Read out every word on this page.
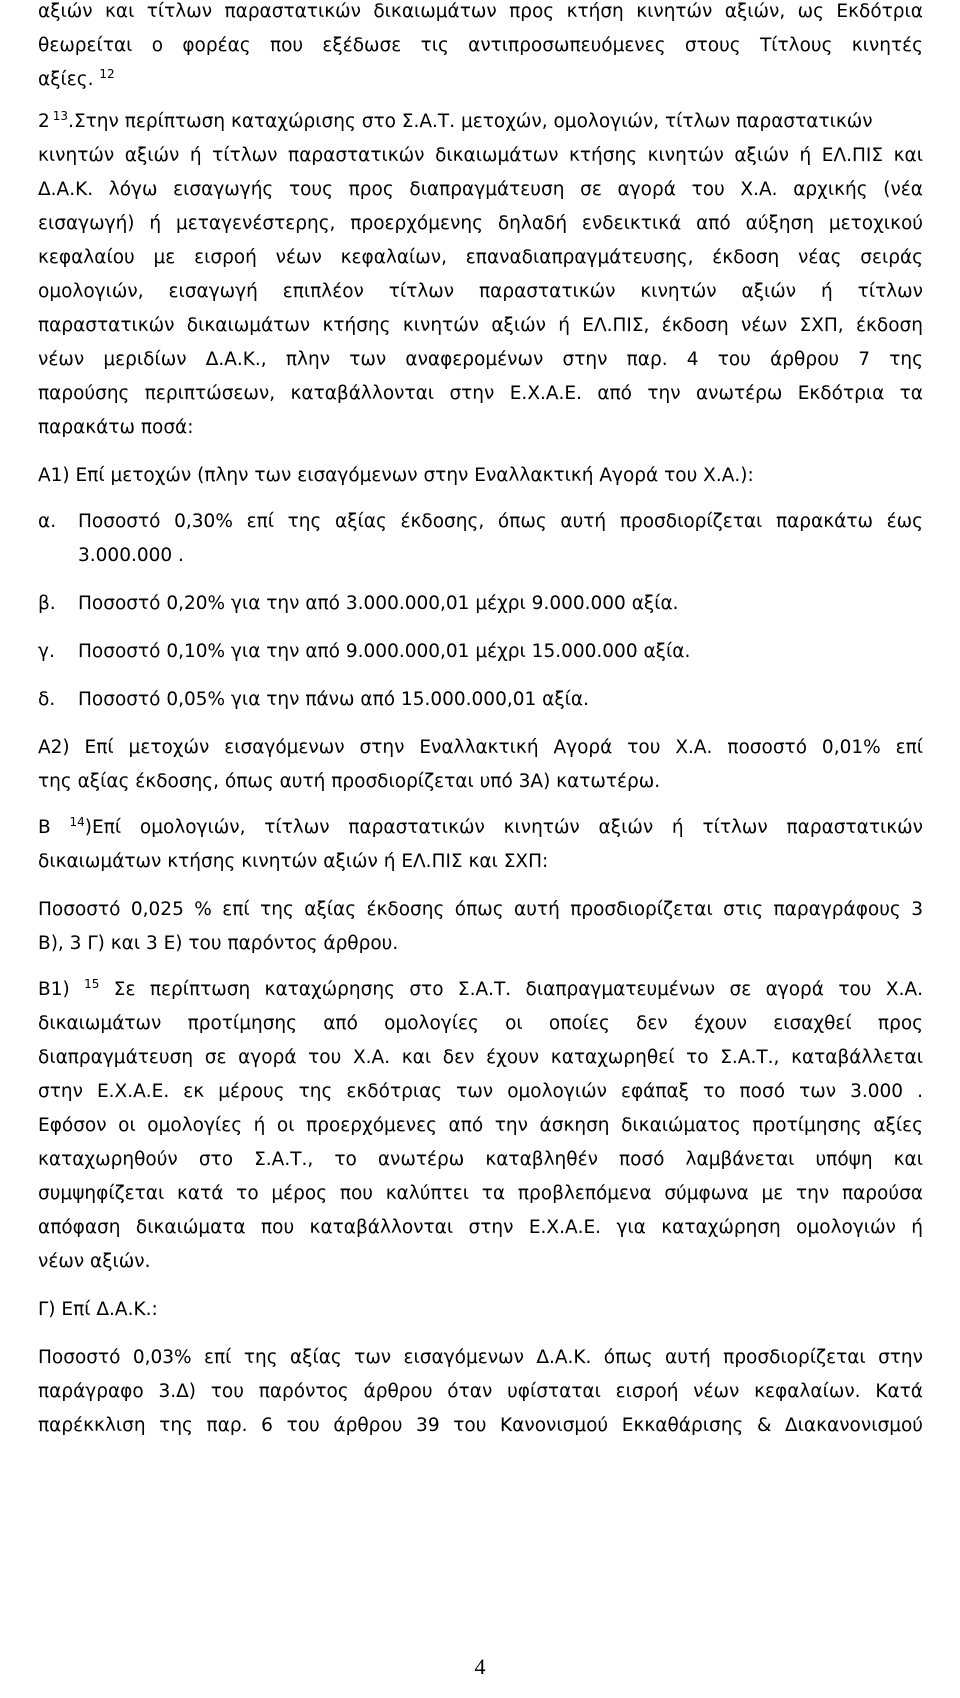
αξιών και τίτλων παραστατικών δικαιωμάτων προς κτήση κινητών αξιών, ως Εκδότρια
θεωρείται ο φορέας που εξέδωσε τις αντιπροσωπευόμενες στους Τίτλους κινητές
αξίες. $^{12}$
2 $^{13}$.Στην περίπτωση καταχώρισης στο Σ.Α.Τ. μετοχών, ομολογιών, τίτλων παραστατικών
κινητών αξιών ή τίτλων παραστατικών δικαιωμάτων κτήσης κινητών αξιών ή ΕΛ.ΠΙΣ και
Δ.Α.Κ. λόγω εισαγωγής τους προς διαπραγμάτευση σε αγορά του Χ.Α. αρχικής (νέα
εισαγωγή) ή μεταγενέστερης, προερχόμενης δηλαδή ενδεικτικά από αύξηση μετοχικού
κεφαλαίου με εισροή νέων κεφαλαίων, επαναδιαπραγμάτευσης, έκδοση νέας σειράς
ομολογιών, εισαγωγή επιπλέον τίτλων παραστατικών κινητών αξιών ή τίτλων
παραστατικών δικαιωμάτων κτήσης κινητών αξιών ή ΕΛ.ΠΙΣ, έκδοση νέων ΣΧΠ, έκδοση
νέων μεριδίων Δ.Α.Κ., πλην των αναφερομένων στην παρ. 4 του άρθρου 7 της
παρούσης περιπτώσεων, καταβάλλονται στην Ε.Χ.Α.Ε. από την ανωτέρω Εκδότρια τα
παρακάτω ποσά:
Α1) Επί μετοχών (πλην των εισαγόμενων στην Εναλλακτική Αγορά του Χ.Α.):
α. Ποσοστό 0,30% επί της αξίας έκδοσης, όπως αυτή προσδιορίζεται παρακάτω έως
3.000.000 .
β. Ποσοστό 0,20% για την από 3.000.000,01 μέχρι 9.000.000 αξία.
γ. Ποσοστό 0,10% για την από 9.000.000,01 μέχρι 15.000.000 αξία.
δ. Ποσοστό 0,05% για την πάνω από 15.000.000,01 αξία.
Α2) Επί μετοχών εισαγόμενων στην Εναλλακτική Αγορά του Χ.Α. ποσοστό 0,01% επί
της αξίας έκδοσης, όπως αυτή προσδιορίζεται υπό 3Α) κατωτέρω.
Β $^{14}$)Επί ομολογιών, τίτλων παραστατικών κινητών αξιών ή τίτλων παραστατικών
δικαιωμάτων κτήσης κινητών αξιών ή ΕΛ.ΠΙΣ και ΣΧΠ:
Ποσοστό 0,025 % επί της αξίας έκδοσης όπως αυτή προσδιορίζεται στις παραγράφους 3
Β), 3 Γ) και 3 Ε) του παρόντος άρθρου.
Β1) $^{15}$ Σε περίπτωση καταχώρησης στο Σ.Α.Τ. διαπραγματευμένων σε αγορά του Χ.Α.
δικαιωμάτων προτίμησης από ομολογίες οι οποίες δεν έχουν εισαχθεί προς
διαπραγμάτευση σε αγορά του Χ.Α. και δεν έχουν καταχωρηθεί το Σ.Α.Τ., καταβάλλεται
στην Ε.Χ.Α.Ε. εκ μέρους της εκδότριας των ομολογιών εφάπαξ το ποσό των 3.000 .
Εφόσον οι ομολογίες ή οι προερχόμενες από την άσκηση δικαιώματος προτίμησης αξίες
καταχωρηθούν στο Σ.Α.Τ., το ανωτέρω καταβληθέν ποσό λαμβάνεται υπόψη και
συμψηφίζεται κατά το μέρος που καλύπτει τα προβλεπόμενα σύμφωνα με την παρούσα
απόφαση δικαιώματα που καταβάλλονται στην Ε.Χ.Α.Ε. για καταχώρηση ομολογιών ή
νέων αξιών.
Γ) Επί Δ.Α.Κ.:
Ποσοστό 0,03% επί της αξίας των εισαγόμενων Δ.Α.Κ. όπως αυτή προσδιορίζεται στην
παράγραφο 3.Δ) του παρόντος άρθρου όταν υφίσταται εισροή νέων κεφαλαίων. Κατά
παρέκκλιση της παρ. 6 του άρθρου 39 του Κανονισμού Εκκαθάρισης & Διακανονισμού
4
